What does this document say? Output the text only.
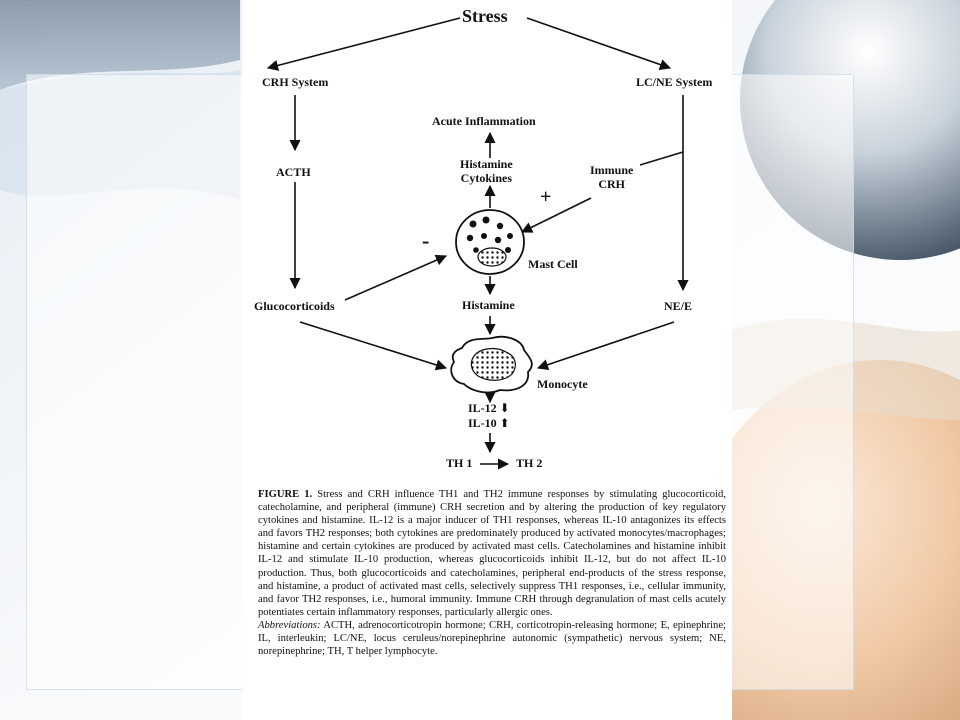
Stress
CRH System	LC/NE System
ACTH
Acute Inflammation
Histamine
Cytokines
Immune
CRH
+
-
Mast Cell
Glucocorticoids	Histamine	NE/E
Monocyte
IL-12 ⬇
IL-10 ⬆
TH 1	TH 2

FIGURE 1. Stress and CRH influence TH1 and TH2 immune responses by stimulating glucocorticoid, catecholamine, and peripheral (immune) CRH secretion and by altering the production of key regulatory cytokines and histamine. IL-12 is a major inducer of TH1 responses, whereas IL-10 antagonizes its effects and favors TH2 responses; both cytokines are predominately produced by activated monocytes/macrophages; histamine and certain cytokines are produced by activated mast cells. Catecholamines and histamine inhibit IL-12 and stimulate IL-10 production, whereas glucocorticoids inhibit IL-12, but do not affect IL-10 production. Thus, both glucocorticoids and catecholamines, peripheral end-products of the stress response, and histamine, a product of activated mast cells, selectively suppress TH1 responses, i.e., cellular immunity, and favor TH2 responses, i.e., humoral immunity. Immune CRH through degranulation of mast cells acutely potentiates certain inflammatory responses, particularly allergic ones.

Abbreviations: ACTH, adrenocorticotropin hormone; CRH, corticotropin-releasing hormone; E, epinephrine; IL, interleukin; LC/NE, locus ceruleus/norepinephrine autonomic (sympathetic) nervous system; NE, norepinephrine; TH, T helper lymphocyte.
